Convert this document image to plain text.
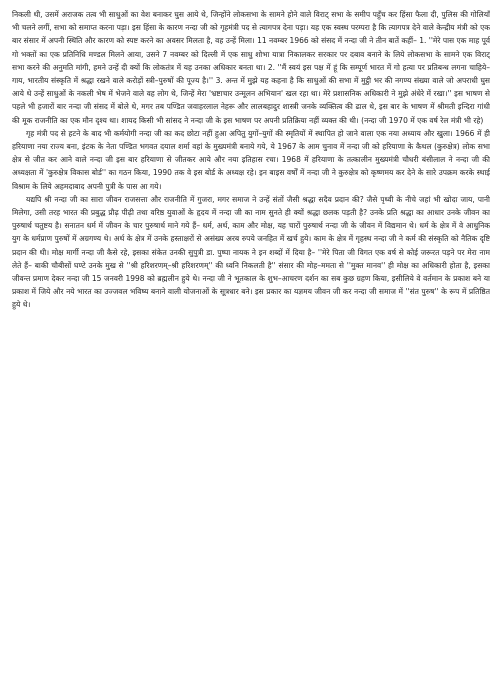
निकली थी, उसमें अराजक तत्व भी साधुओं का वेश बनाकर घुस आये थे, जिन्होंने लोकसभा के सामने होने वाले विराट् सभा के समीप पहुँच कर हिंसा फैला दी, पुलिस की गोलियाँ भी चलने लगीं, सभा को समाप्त करना पड़ा। इस हिंसा के कारण नन्दा जी को गृहमंत्री पद से त्यागपत्र देना पड़ा। यह एक स्वस्थ परम्परा है कि त्यागपत्र देने वाले केन्द्रीय मंत्री को एक बार संसार में अपनी स्थिति और कारण को स्पष्ट करने का अवसर मिलता है, वह उन्हें मिला। 11 नवम्बर 1966 को संसद में नन्दा जी ने तीन बातें कहीं– 1. ''मेरे पास एक माह पूर्व गो भक्तों का एक प्रतिनिधि मण्डल मिलने आया, उसने 7 नवम्बर को दिल्ली में एक साधु शोभा यात्रा निकालकर सरकार पर दबाव बनाने के लिये लोकसभा के सामने एक विराट् सभा करने की अनुमति मांगी, हमने उन्हें दी क्यों कि लोकतंत्र में यह उनका अधिकार बनता था। 2. ''मैं स्वयं इस पक्ष में हूं कि सम्पूर्ण भारत में गो हत्या पर प्रतिबन्ध लगना चाहिये–गाय, भारतीय संस्कृति में श्रद्धा रखने वाले करोड़ों स्त्री–पुरुषों की पूज्य है।'' 3. अन्त में मुझे यह कहना है कि साधुओं की सभा में मुट्ठी भर की नगण्य संख्या वाले जो अपराधी घुस आये थे उन्हें साधुओं के नकली भेष में भेजने वाले वह लोग थे, जिन्हें मेरा 'भ्रष्टाचार उन्मूलन अभियान' खल रहा था। मेरे प्रशासनिक अधिकारी ने मुझे अंधेरे में रखा।'' इस भाषण से पहले भी हजारों बार नन्दा जी संसद में बोले थे, मगर तब पण्डित जवाहरलाल नेहरू और लालबहादुर शास्त्री जनके व्यक्तित्व की ढाल थे, इस बार के भाषण में श्रीमती इन्दिरा गांधी की मूक राजनीति का एक मौन दृश्य था। शायद किसी भी सांसद ने नन्दा जी के इस भाषण पर अपनी प्रतिक्रिया नहीं व्यक्त की थी। (नन्दा जी 1970 में एक वर्ष रेल मंत्री भी रहे)

गृह मंत्री पद से हटने के बाद भी कर्मयोगी नन्दा जी का कद छोटा नहीं हुआ अपितु युगों–युगों की स्मृतियों में स्थापित हो जाने वाला एक नया अध्याय और खुला। 1966 में ही हरियाणा नया राज्य बना, इंटक के नेता पण्डित भगवत दयाल शर्मा वहां के मुख्यमंत्री बनाये गये, ये 1967 के आम चुनाव में नन्दा जी को हरियाणा के कैथल (कुरुक्षेत्र) लोक सभा क्षेत्र से जीत कर आने वाले नन्दा जी इस बार हरियाणा से जीतकर आये और नया इतिहास रचा। 1968 में हरियाणा के तत्कालीन मुख्यमंत्री चौधरी बंसीलाल ने नन्दा जी की अध्यक्षता में 'कुरुक्षेत्र विकास बोर्ड'' का गठन किया, 1990 तक वे इस बोर्ड के अध्यक्ष रहे। इन बाइस वर्षों में नन्दा जी ने कुरुक्षेत्र को कृष्णमय कर देने के सारे उपक्रम करके स्थाई विश्राम के लिये अहमदाबाद अपनी पुत्री के पास आ गये।

यद्यपि श्री नन्दा जी का सारा जीवन राजसत्ता और राजनीति में गुजरा, मगर समाज ने उन्हें संतों जैसी श्रद्धा सदैव प्रदान की? जैसे पृथ्वी के नीचे जहां भी खोदा जाय, पानी मिलेगा, उसी तरह भारत की प्रबुद्ध प्रौढ़ पीढ़ी तथा वरिष्ठ युवाओं के हृदय में नन्दा जी का नाम सुनते ही क्यों श्रद्धा छलक पड़ती है? उनके प्रति श्रद्धा का आधार उनके जीवन का पुरुषार्थ चतुष्टय है। सनातन धर्म में जीवन के चार पुरुषार्थ माने गये हैं– धर्म, अर्थ, काम और मोक्ष, यह चारों पुरुषार्थ नन्दा जी के जीवन में विद्यमान थे। धर्म के क्षेत्र में वे आधुनिक युग के धर्मप्राण पुरुषों में अग्रगण्य थे। अर्थ के क्षेत्र में उनके हस्ताक्षरों से असंख्य अरब रुपये जनहित में खर्च हुये। काम के क्षेत्र में गृहस्थ नन्दा जी ने कर्म की संस्कृति को नैतिक दृष्टि प्रदान की थी। मोक्ष मार्गी नन्दा जी कैसे रहे, इसका संकेत उनकी सुपुत्री डा. पुष्पा नायक ने इन शब्दों में दिया है– ''मेरे पिता जी विगत एक वर्ष से कोई जरूरत पड़ने पर मेरा नाम लेते हैं– बाकी चौबीसों घण्टे उनके मुख से ''श्री हरिशरणम्–श्री हरिशरणम्'' की ध्वनि निकलती है'' संसार की मोह–ममता से ''मुक्त मानव'' ही मोक्ष का अधिकारी होता है, इसका जीवन्त प्रमाण देकर नन्दा जी 15 जनवरी 1998 को ब्रह्मलीन हुये थे। नन्दा जी ने भूतकाल के शुभ–आचरण दर्शन का सब कुछ ग्रहण किया, इसीलिये वे वर्तमान के प्रकाश बने या प्रकाश में जिये और नये भारत का उज्जवल भविष्य बनाने वाली योजनाओं के सूत्रधार बने। इस प्रकार का यज्ञमय जीवन जी कर नन्दा जी समाज में ''संत पुरुष'' के रूप में प्रतिष्ठित हुये थे।
